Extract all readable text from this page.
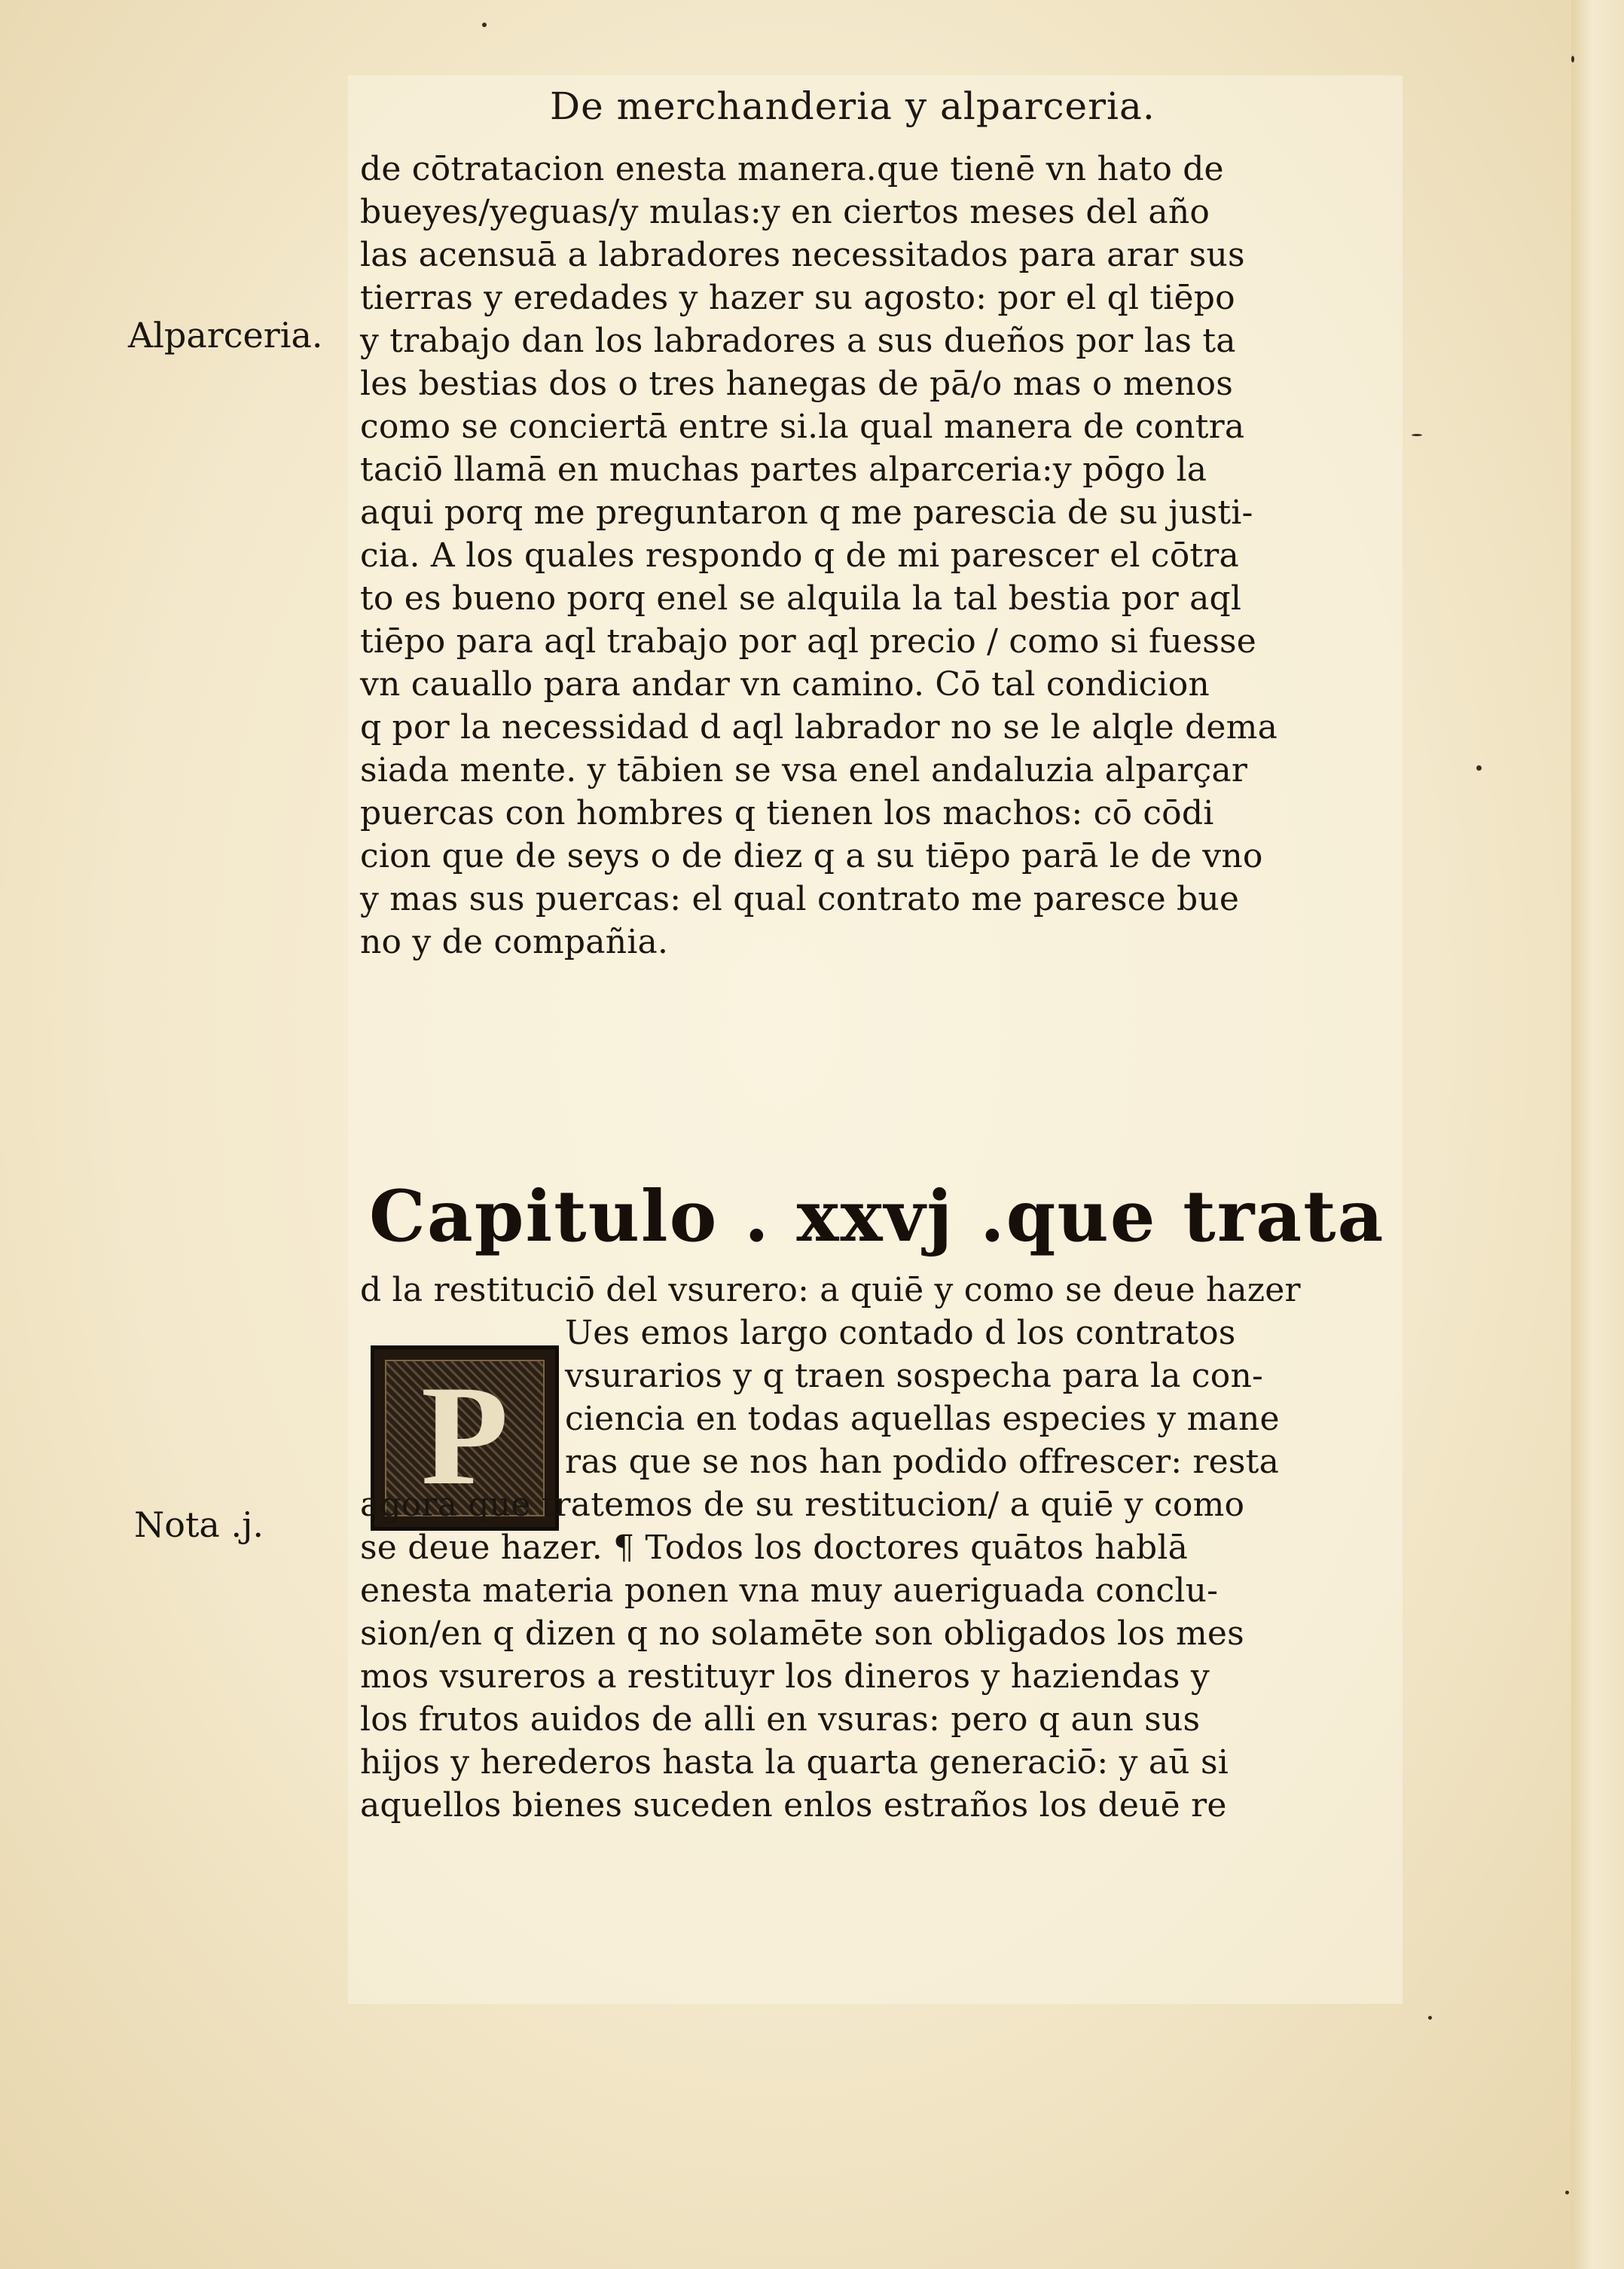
De merchanderia y alparceria.
Alparceria.
Nota .j.
de cōtratacion enesta manera.que tienē vn hato de
bueyes/yeguas/y mulas:y en ciertos meses del año
las acensuā a labradores necessitados para arar sus
tierras y eredades y hazer su agosto: por el ql tiēpo
y trabajo dan los labradores a sus dueños por las ta
les bestias dos o tres hanegas de pā/o mas o menos
como se conciertā entre si.la qual manera de contra
taciō llamā en muchas partes alparceria:y pōgo la
aqui porq me preguntaron q me parescia de su justi-
cia. A los quales respondo q de mi parescer el cōtra
to es bueno porq enel se alquila la tal bestia por aql
tiēpo para aql trabajo por aql precio / como si fuesse
vn cauallo para andar vn camino. Cō tal condicion
q por la necessidad d aql labrador no se le alqle dema
siada mente. y tābien se vsa enel andaluzia alparçar
puercas con hombres q tienen los machos: cō cōdi
cion que de seys o de diez q a su tiēpo parā le de vno
y mas sus puercas: el qual contrato me paresce bue
no y de compañia.
Capitulo . xxvj .que trata
P
d la restituciō del vsurero: a quiē y como se deue hazer
Ues emos largo contado d los contratos
vsurarios y q traen sospecha para la con-
ciencia en todas aquellas especies y mane
ras que se nos han podido offrescer: resta
agora que tratemos de su restitucion/ a quiē y como
se deue hazer. ¶ Todos los doctores quātos hablā
enesta materia ponen vna muy aueriguada conclu-
sion/en q dizen q no solamēte son obligados los mes
mos vsureros a restituyr los dineros y haziendas y
los frutos auidos de alli en vsuras: pero q aun sus
hijos y herederos hasta la quarta generaciō: y aū si
aquellos bienes suceden enlos estraños los deuē re
